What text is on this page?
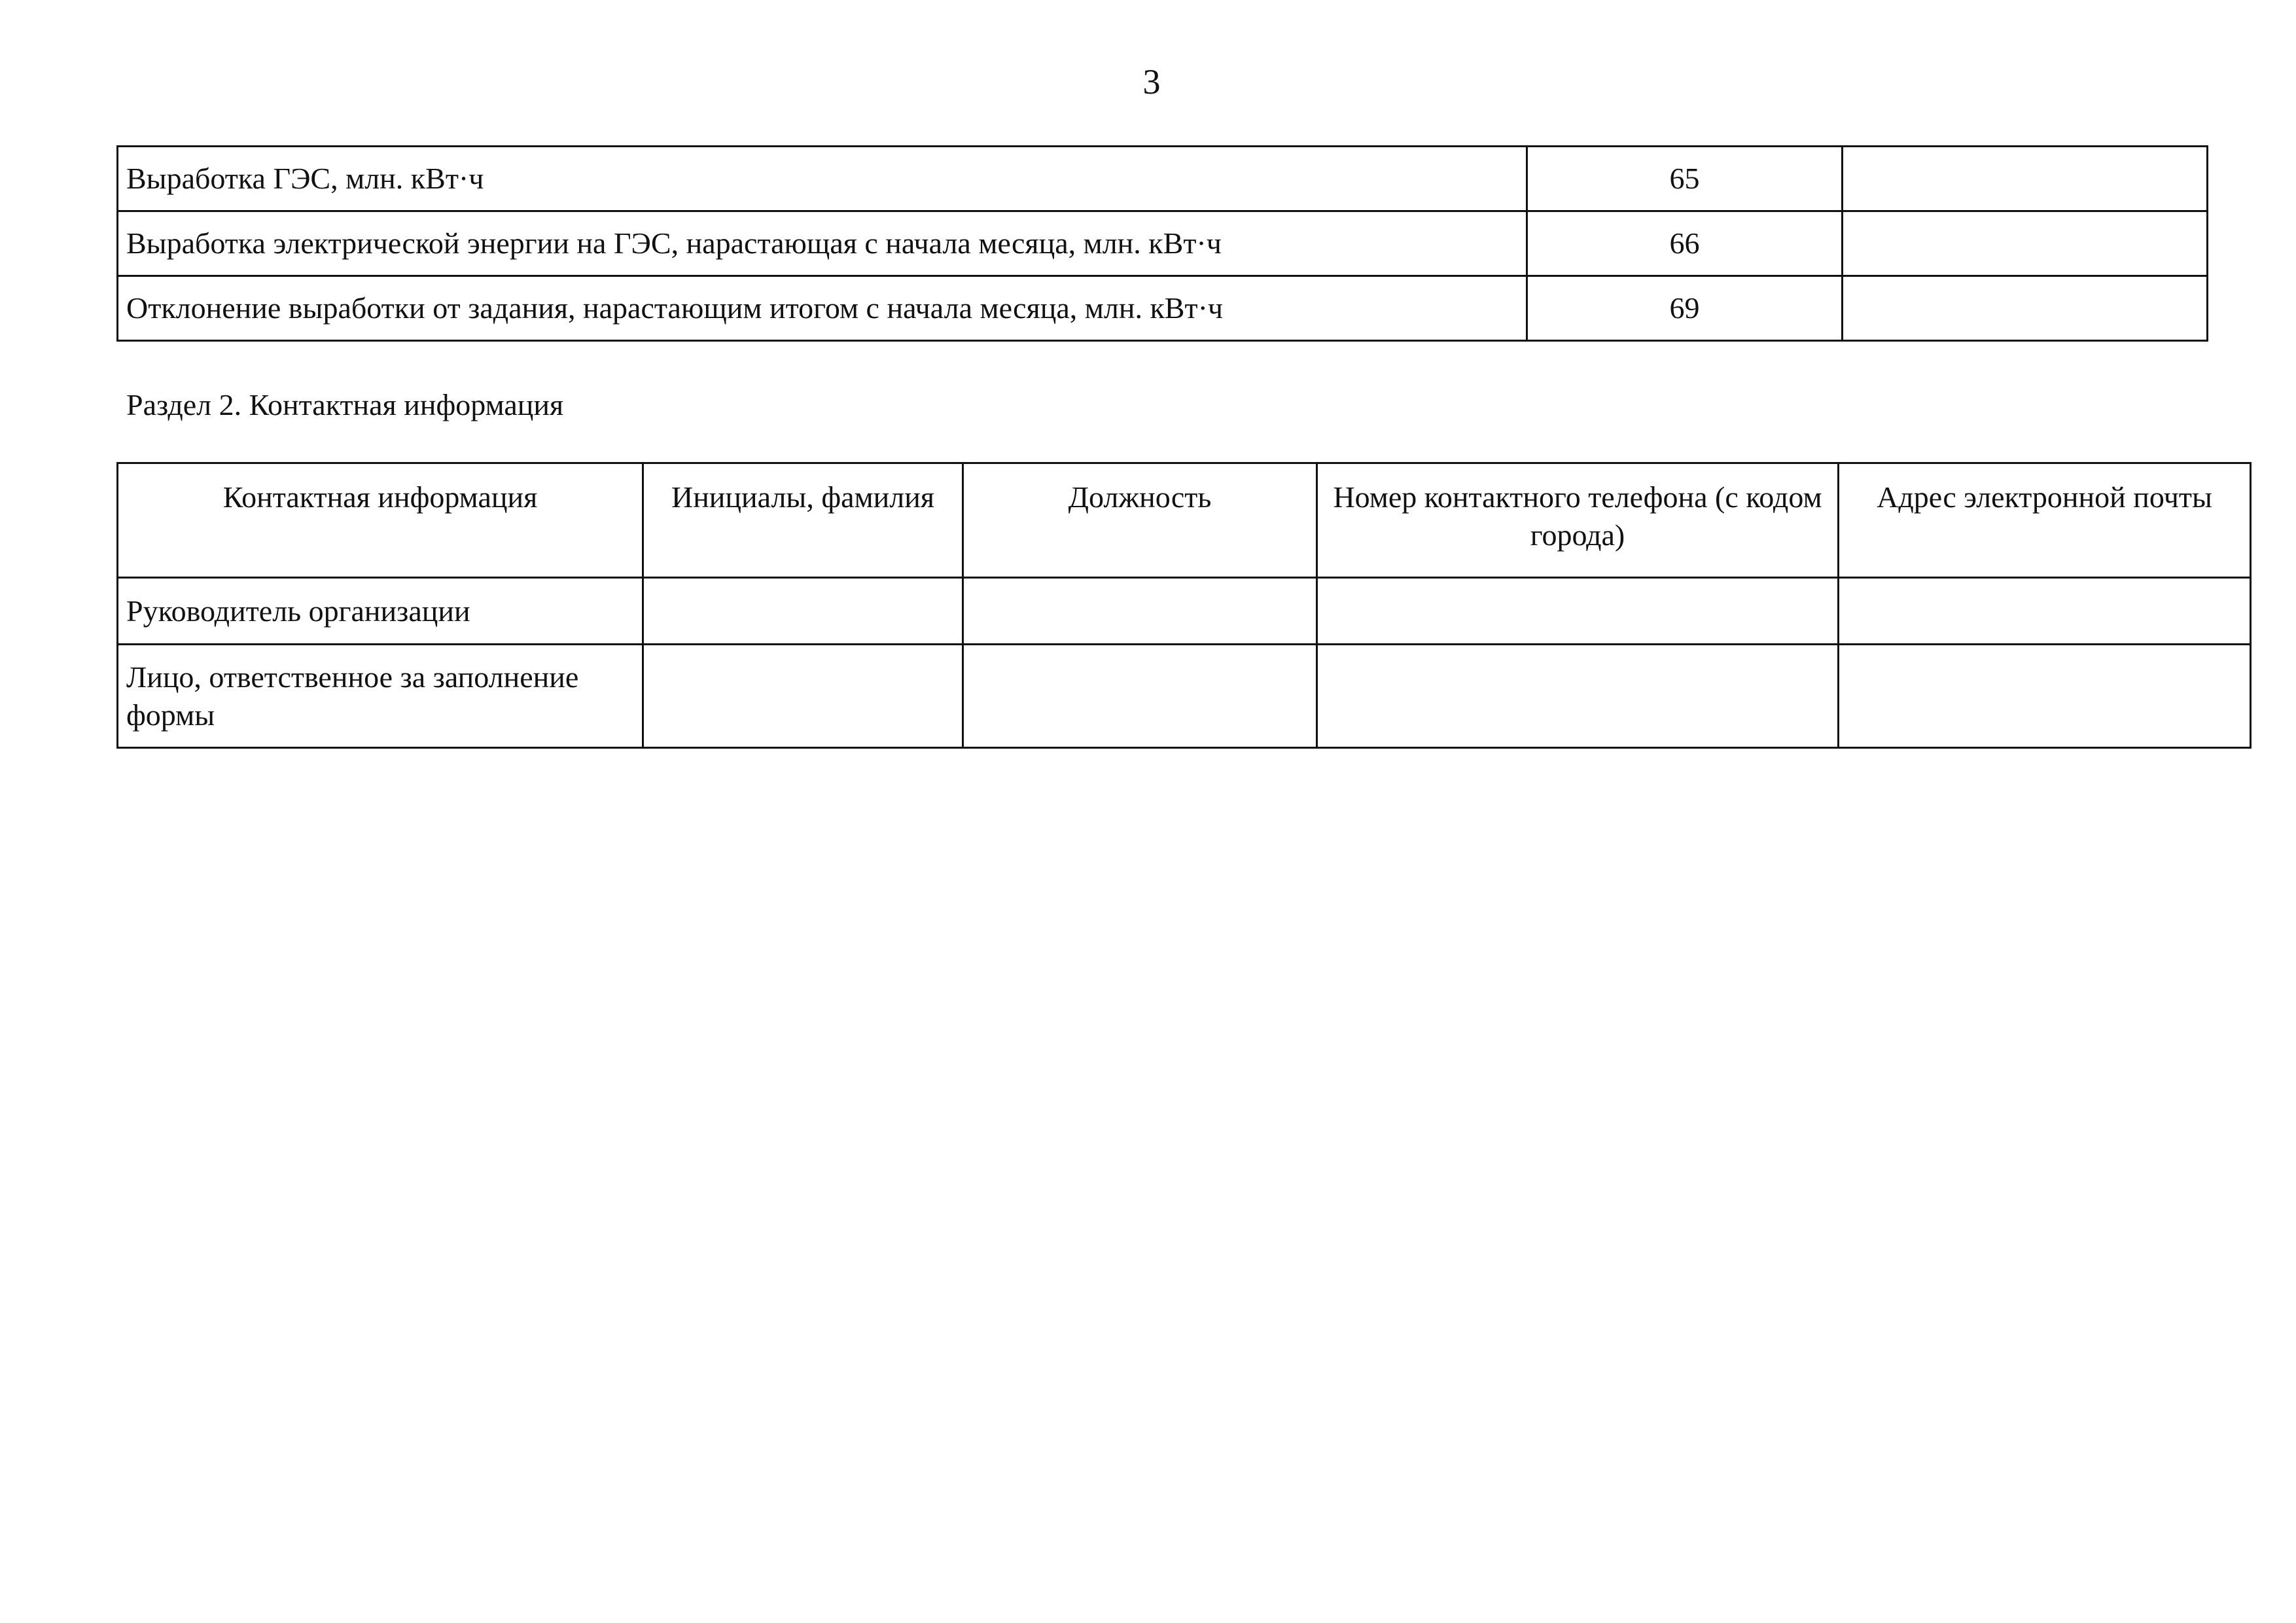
3
Выработка ГЭС, млн. кВт·ч	65	
Выработка электрической энергии на ГЭС, нарастающая с начала месяца, млн. кВт·ч	66	
Отклонение выработки от задания, нарастающим итогом с начала месяца, млн. кВт·ч	69	
Раздел 2. Контактная информация
Контактная информация	Инициалы, фамилия	Должность	Номер контактного телефона (с кодом города)	Адрес электронной почты
Руководитель организации				
Лицо, ответственное за заполнение формы				
